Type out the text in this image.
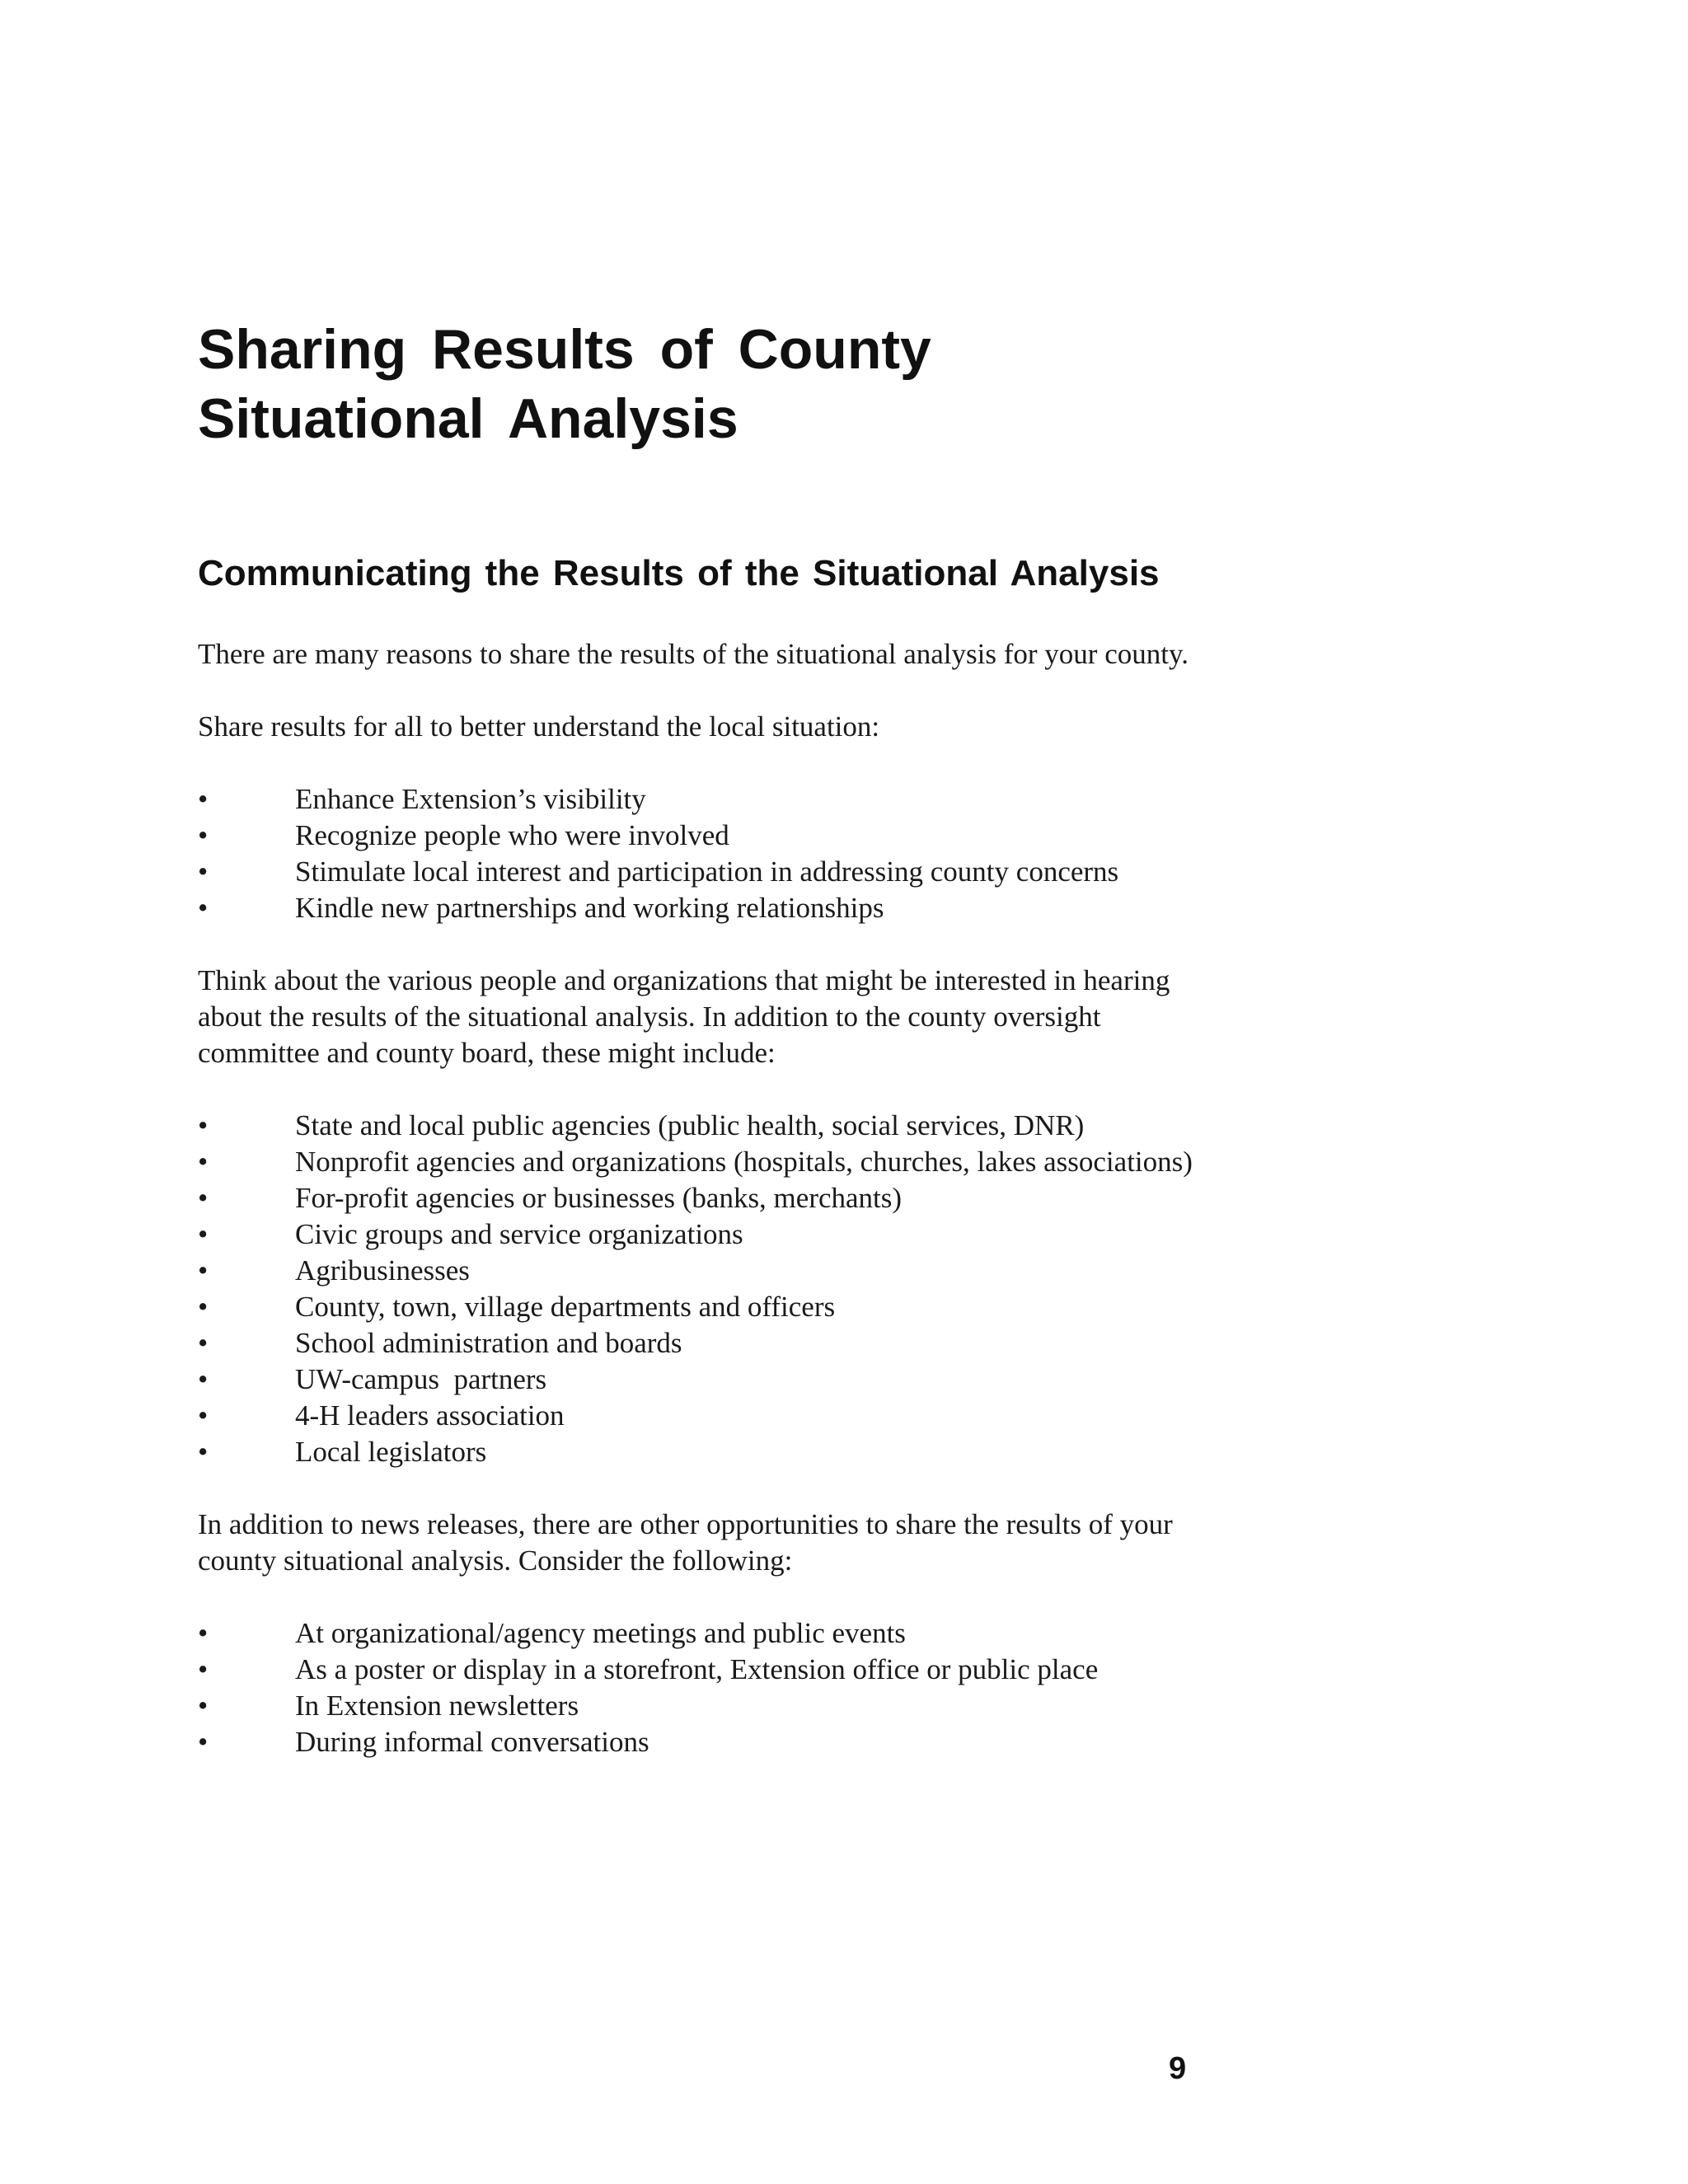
Sharing Results of County
Situational Analysis
Communicating the Results of the Situational Analysis

There are many reasons to share the results of the situational analysis for your county.

Share results for all to better understand the local situation:

•	Enhance Extension’s visibility
•	Recognize people who were involved
•	Stimulate local interest and participation in addressing county concerns
•	Kindle new partnerships and working relationships

Think about the various people and organizations that might be interested in hearing about the results of the situational analysis. In addition to the county oversight committee and county board, these might include:

•	State and local public agencies (public health, social services, DNR)
•	Nonprofit agencies and organizations (hospitals, churches, lakes associations)
•	For-profit agencies or businesses (banks, merchants)
•	Civic groups and service organizations
•	Agribusinesses
•	County, town, village departments and officers
•	School administration and boards
•	UW-campus  partners
•	4-H leaders association
•	Local legislators

In addition to news releases, there are other opportunities to share the results of your county situational analysis. Consider the following:

•	At organizational/agency meetings and public events
•	As a poster or display in a storefront, Extension office or public place
•	In Extension newsletters
•	During informal conversations
9
